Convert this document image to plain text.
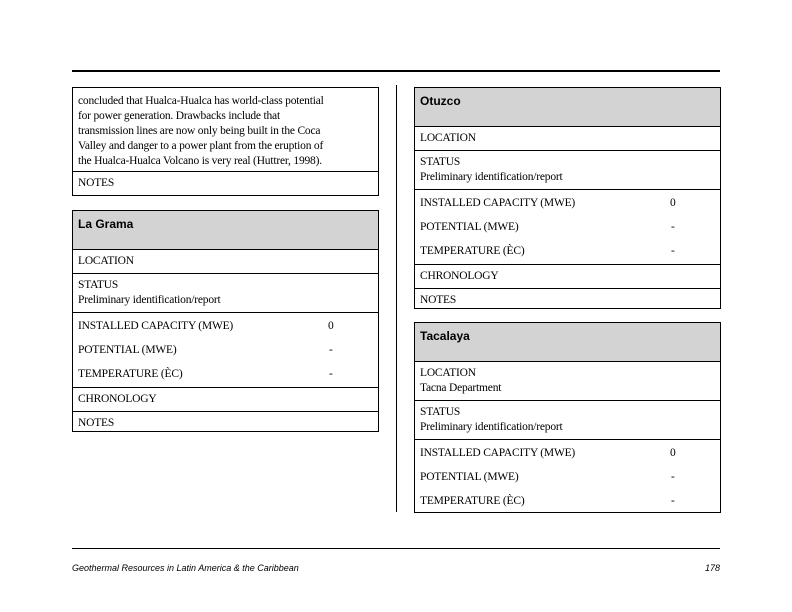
concluded that Hualca-Hualca has world-class potential
for power generation. Drawbacks include that
transmission lines are now only being built in the Coca
Valley and danger to a power plant from the eruption of
the Hualca-Hualca Volcano is very real (Huttrer, 1998).
NOTES
La Grama
LOCATION
STATUS
Preliminary identification/report
INSTALLED CAPACITY (MWE)	0
POTENTIAL (MWE)	-
TEMPERATURE (ÈC)	-
CHRONOLOGY
NOTES
Otuzco
LOCATION
STATUS
Preliminary identification/report
INSTALLED CAPACITY (MWE)	0
POTENTIAL (MWE)	-
TEMPERATURE (ÈC)	-
CHRONOLOGY
NOTES
Tacalaya
LOCATION
Tacna Department
STATUS
Preliminary identification/report
INSTALLED CAPACITY (MWE)	0
POTENTIAL (MWE)	-
TEMPERATURE (ÈC)	-
Geothermal Resources in Latin America & the Caribbean	178
